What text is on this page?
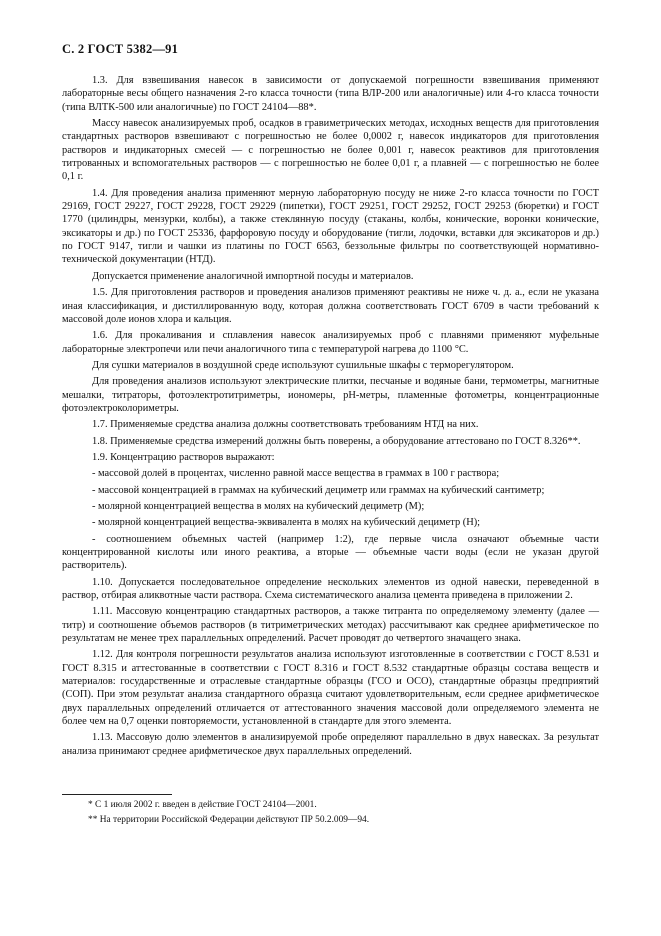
С. 2 ГОСТ 5382—91

1.3. Для взвешивания навесок в зависимости от допускаемой погрешности взвешивания применяют лабораторные весы общего назначения 2-го класса точности (типа ВЛР-200 или аналогичные) или 4-го класса точности (типа ВЛТК-500 или аналогичные) по ГОСТ 24104—88*.

Массу навесок анализируемых проб, осадков в гравиметрических методах, исходных веществ для приготовления стандартных растворов взвешивают с погрешностью не более 0,0002 г, навесок индикаторов для приготовления растворов и индикаторных смесей — с погрешностью не более 0,001 г, навесок реактивов для приготовления титрованных и вспомогательных растворов — с погрешностью не более 0,01 г, а плавней — с погрешностью не более 0,1 г.

1.4. Для проведения анализа применяют мерную лабораторную посуду не ниже 2-го класса точности по ГОСТ 29169, ГОСТ 29227, ГОСТ 29228, ГОСТ 29229 (пипетки), ГОСТ 29251, ГОСТ 29252, ГОСТ 29253 (бюретки) и ГОСТ 1770 (цилиндры, мензурки, колбы), а также стеклянную посуду (стаканы, колбы, конические, воронки конические, эксикаторы и др.) по ГОСТ 25336, фарфоровую посуду и оборудование (тигли, лодочки, вставки для эксикаторов и др.) по ГОСТ 9147, тигли и чашки из платины по ГОСТ 6563, беззольные фильтры по соответствующей нормативно-технической документации (НТД).

Допускается применение аналогичной импортной посуды и материалов.

1.5. Для приготовления растворов и проведения анализов применяют реактивы не ниже ч. д. а., если не указана иная классификация, и дистиллированную воду, которая должна соответствовать ГОСТ 6709 в части требований к массовой доле ионов хлора и кальция.

1.6. Для прокаливания и сплавления навесок анализируемых проб с плавнями применяют муфельные лабораторные электропечи или печи аналогичного типа с температурой нагрева до 1100 °С.

Для сушки материалов в воздушной среде используют сушильные шкафы с терморегулятором.

Для проведения анализов используют электрические плитки, песчаные и водяные бани, термометры, магнитные мешалки, титраторы, фотоэлектротитриметры, иономеры, рН-метры, пламенные фотометры, концентрационные фотоэлектроколориметры.

1.7. Применяемые средства анализа должны соответствовать требованиям НТД на них.

1.8. Применяемые средства измерений должны быть поверены, а оборудование аттестовано по ГОСТ 8.326**.

1.9. Концентрацию растворов выражают:

- массовой долей в процентах, численно равной массе вещества в граммах в 100 г раствора;

- массовой концентрацией в граммах на кубический дециметр или граммах на кубический сантиметр;

- молярной концентрацией вещества в молях на кубический дециметр (М);

- молярной концентрацией вещества-эквивалента в молях на кубический дециметр (Н);

- соотношением объемных частей (например 1:2), где первые числа означают объемные части концентрированной кислоты или иного реактива, а вторые — объемные части воды (если не указан другой растворитель).

1.10. Допускается последовательное определение нескольких элементов из одной навески, переведенной в раствор, отбирая аликвотные части раствора. Схема систематического анализа цемента приведена в приложении 2.

1.11. Массовую концентрацию стандартных растворов, а также титранта по определяемому элементу (далее — титр) и соотношение объемов растворов (в титриметрических методах) рассчитывают как среднее арифметическое по результатам не менее трех параллельных определений. Расчет проводят до четвертого значащего знака.

1.12. Для контроля погрешности результатов анализа используют изготовленные в соответствии с ГОСТ 8.531 и ГОСТ 8.315 и аттестованные в соответствии с ГОСТ 8.316 и ГОСТ 8.532 стандартные образцы состава веществ и материалов: государственные и отраслевые стандартные образцы (ГСО и ОСО), стандартные образцы предприятий (СОП). При этом результат анализа стандартного образца считают удовлетворительным, если среднее арифметическое двух параллельных определений отличается от аттестованного значения массовой доли определяемого элемента не более чем на 0,7 оценки повторяемости, установленной в стандарте для этого элемента.

1.13. Массовую долю элементов в анализируемой пробе определяют параллельно в двух навесках. За результат анализа принимают среднее арифметическое двух параллельных определений.

* С 1 июля 2002 г. введен в действие ГОСТ 24104—2001.

** На территории Российской Федерации действуют ПР 50.2.009—94.
